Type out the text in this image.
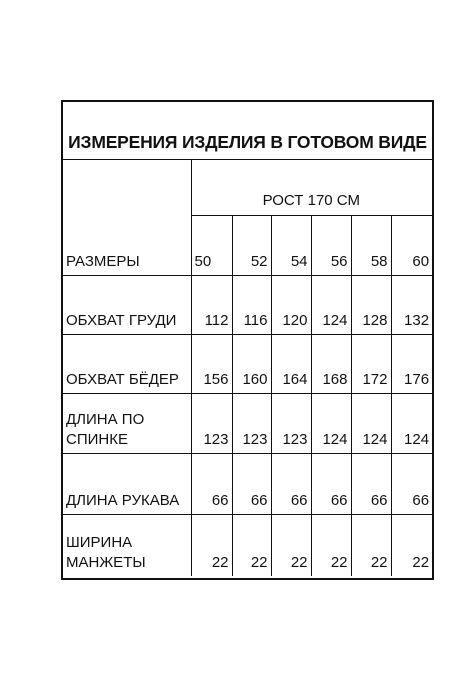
ИЗМЕРЕНИЯ ИЗДЕЛИЯ В ГОТОВОМ ВИДЕ
РАЗМЕРЫ	РОСТ 170 СМ					
	50	52	54	56	58	60
ОБХВАТ ГРУДИ	112	116	120	124	128	132
ОБХВАТ БЁДЕР	156	160	164	168	172	176

ДЛИНА ПО
СПИНКЕ	123	123	123	124	124	124
ДЛИНА РУКАВА	66	66	66	66	66	66

ШИРИНА
МАНЖЕТЫ	22	22	22	22	22	22
